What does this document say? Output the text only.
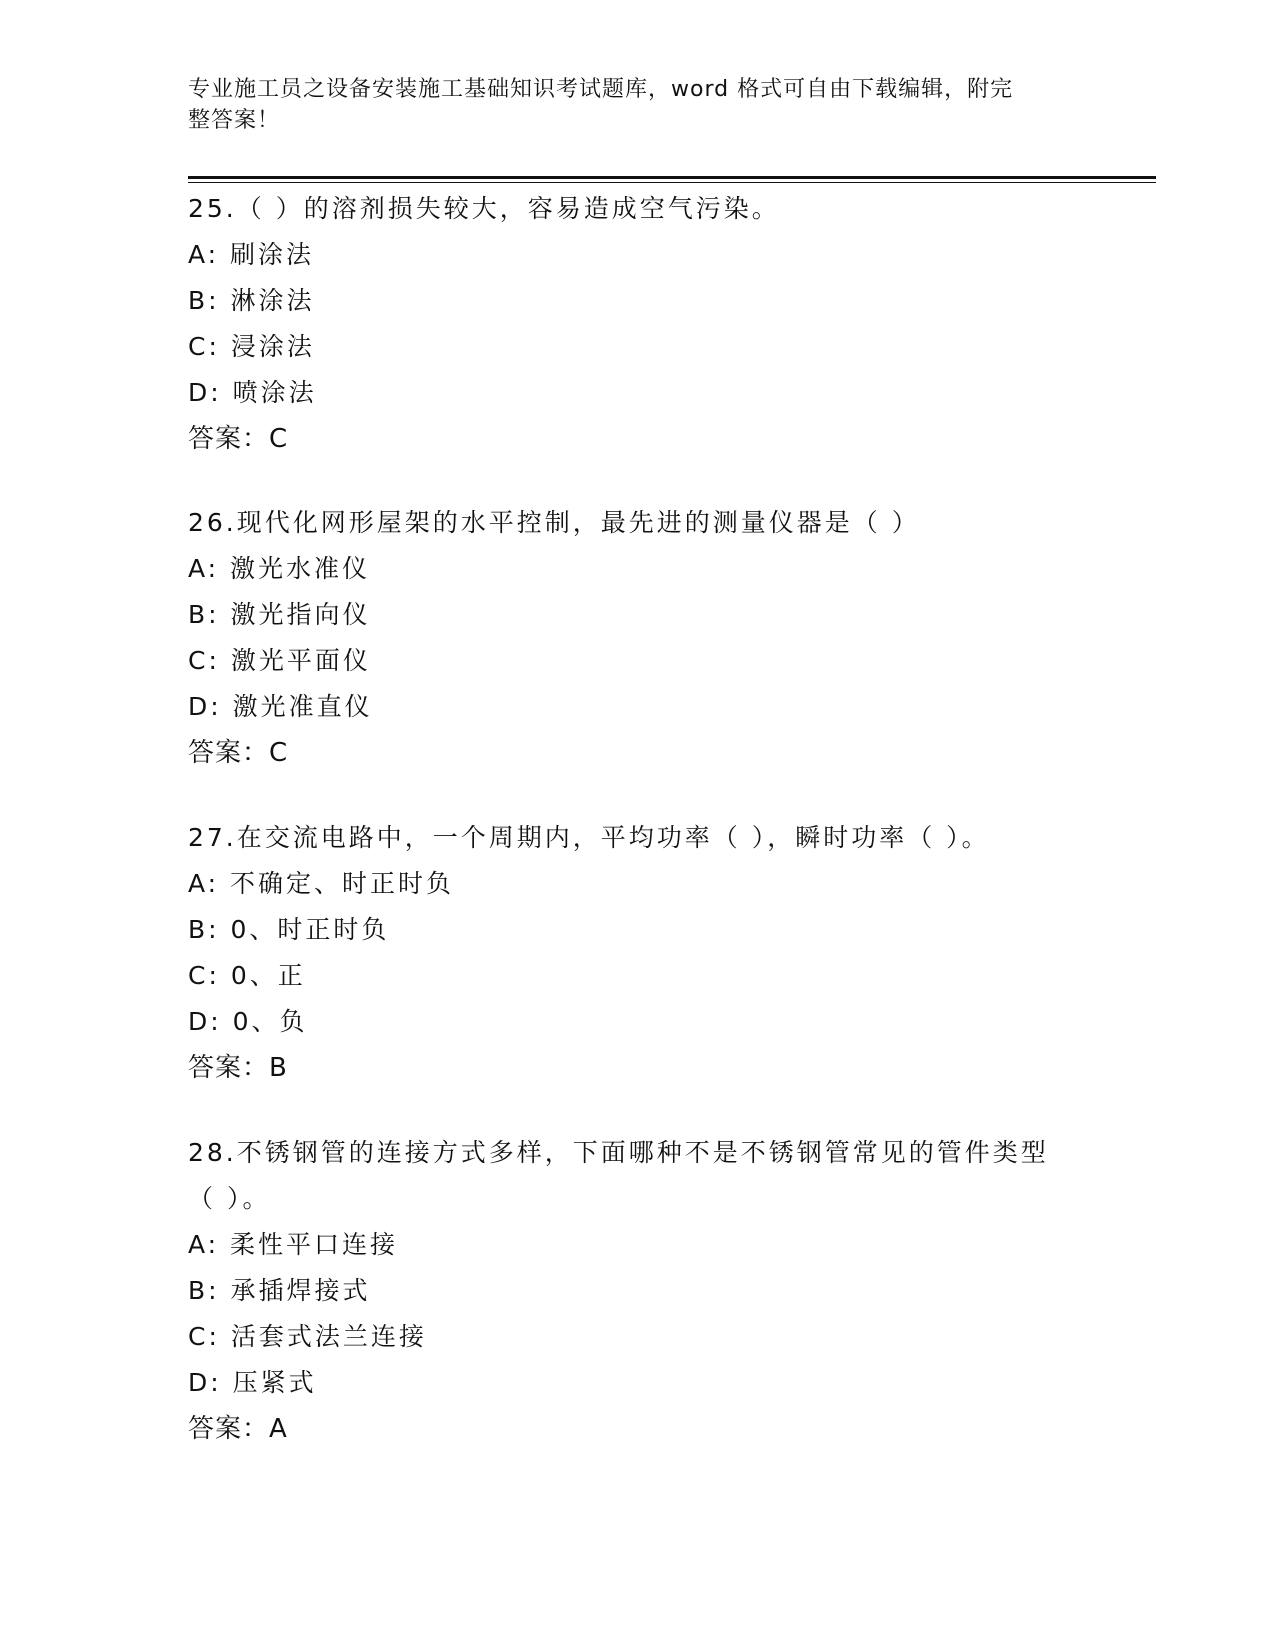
专业施工员之设备安装施工基础知识考试题库，word 格式可自由下载编辑，附完
整答案！
25.（ ）的溶剂损失较大，容易造成空气污染。
A: 刷涂法
B: 淋涂法
C: 浸涂法
D: 喷涂法
答案：C
26.现代化网形屋架的水平控制，最先进的测量仪器是（ ）
A: 激光水准仪
B: 激光指向仪
C: 激光平面仪
D: 激光准直仪
答案：C
27.在交流电路中，一个周期内，平均功率（ ），瞬时功率（ ）。
A: 不确定、时正时负
B: 0、时正时负
C: 0、正
D: 0、负
答案：B
28.不锈钢管的连接方式多样，下面哪种不是不锈钢管常见的管件类型
（ ）。
A: 柔性平口连接
B: 承插焊接式
C: 活套式法兰连接
D: 压紧式
答案：A
